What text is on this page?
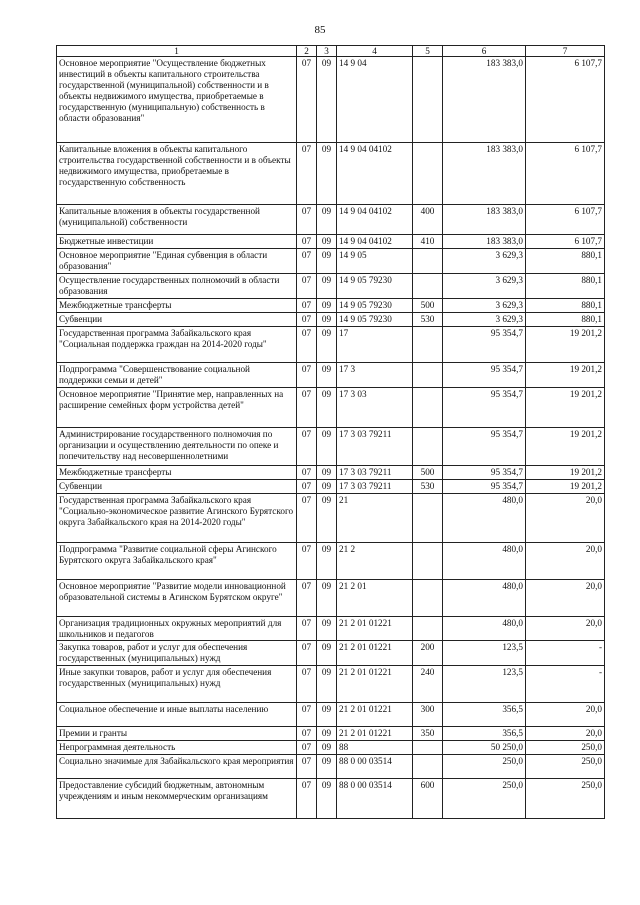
85
1	2	3	4	5	6	7
Основное мероприятие "Осуществление бюджетных инвестиций в объекты капитального строительства государственной (муниципальной) собственности и в объекты недвижимого имущества, приобретаемые в государственную (муниципальную) собственность в области образования"	07	09	14 9 04		183 383,0	6 107,7
Капитальные вложения в объекты капитального строительства государственной собственности и в объекты недвижимого имущества, приобретаемые в государственную собственность	07	09	14 9 04 04102		183 383,0	6 107,7
Капитальные вложения в объекты государственной (муниципальной) собственности	07	09	14 9 04 04102	400	183 383,0	6 107,7
Бюджетные инвестиции	07	09	14 9 04 04102	410	183 383,0	6 107,7
Основное мероприятие "Единая субвенция в области образования"	07	09	14 9 05		3 629,3	880,1
Осуществление государственных полномочий в области образования	07	09	14 9 05 79230		3 629,3	880,1
Межбюджетные трансферты	07	09	14 9 05 79230	500	3 629,3	880,1
Субвенции	07	09	14 9 05 79230	530	3 629,3	880,1
Государственная программа Забайкальского края "Социальная поддержка граждан на 2014-2020 годы"	07	09	17		95 354,7	19 201,2
Подпрограмма "Совершенствование социальной поддержки семьи и детей"	07	09	17 3		95 354,7	19 201,2
Основное мероприятие "Принятие мер, направленных на расширение семейных форм устройства детей"	07	09	17 3 03		95 354,7	19 201,2
Администрирование государственного полномочия по организации и осуществлению деятельности по опеке и попечительству над несовершеннолетними	07	09	17 3 03 79211		95 354,7	19 201,2
Межбюджетные трансферты	07	09	17 3 03 79211	500	95 354,7	19 201,2
Субвенции	07	09	17 3 03 79211	530	95 354,7	19 201,2
Государственная программа Забайкальского края "Социально-экономическое развитие Агинского Бурятского округа Забайкальского края на 2014-2020 годы"	07	09	21		480,0	20,0
Подпрограмма "Развитие социальной сферы Агинского Бурятского округа Забайкальского края"	07	09	21 2		480,0	20,0
Основное мероприятие "Развитие модели инновационной образовательной системы в Агинском Бурятском округе"	07	09	21 2 01		480,0	20,0
Организация традиционных окружных мероприятий для школьников и педагогов	07	09	21 2 01 01221		480,0	20,0
Закупка товаров, работ и услуг для обеспечения государственных (муниципальных) нужд	07	09	21 2 01 01221	200	123,5	-
Иные закупки товаров, работ и услуг для обеспечения государственных (муниципальных) нужд	07	09	21 2 01 01221	240	123,5	-
Социальное обеспечение и иные выплаты населению	07	09	21 2 01 01221	300	356,5	20,0
Премии и гранты	07	09	21 2 01 01221	350	356,5	20,0
Непрограммная деятельность	07	09	88		50 250,0	250,0
Социально значимые для Забайкальского края мероприятия	07	09	88 0 00 03514		250,0	250,0
Предоставление субсидий бюджетным, автономным учреждениям и иным некоммерческим организациям	07	09	88 0 00 03514	600	250,0	250,0
